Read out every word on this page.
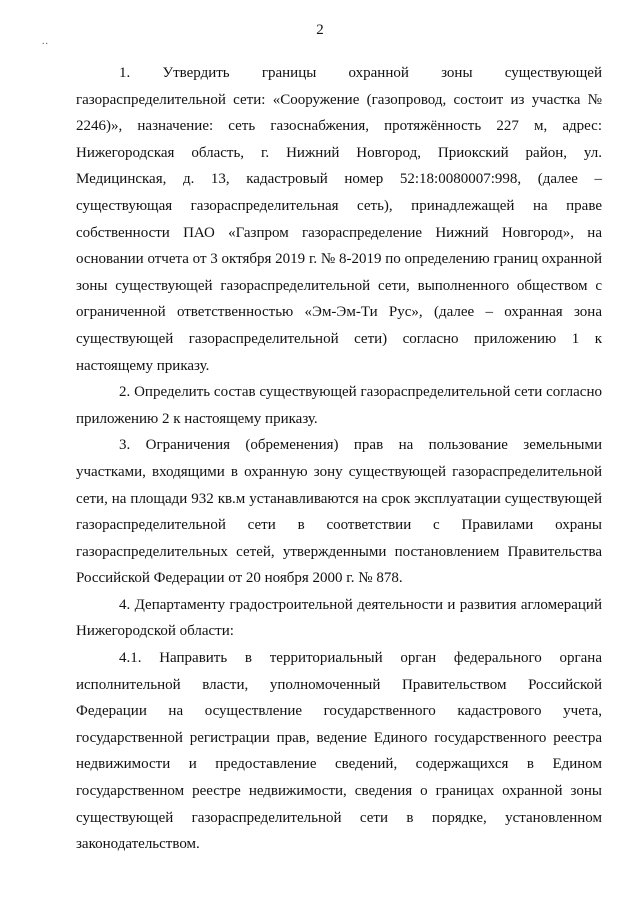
..
2

1. Утвердить границы охранной зоны существующей газораспределительной сети: «Сооружение (газопровод, состоит из участка № 2246)», назначение: сеть газоснабжения, протяжённость 227 м, адрес: Нижегородская область, г. Нижний Новгород, Приокский район, ул. Медицинская, д. 13, кадастровый номер 52:18:0080007:998, (далее – существующая газораспределительная сеть), принадлежащей на праве собственности ПАО «Газпром газораспределение Нижний Новгород», на основании отчета от 3 октября 2019 г. № 8-2019 по определению границ охранной зоны существующей газораспределительной сети, выполненного обществом с ограниченной ответственностью «Эм-Эм-Ти Рус», (далее – охранная зона существующей газораспределительной сети) согласно приложению 1 к настоящему приказу.

2. Определить состав существующей газораспределительной сети согласно приложению 2 к настоящему приказу.

3. Ограничения (обременения) прав на пользование земельными участками, входящими в охранную зону существующей газораспределительной сети, на площади 932 кв.м устанавливаются на срок эксплуатации существующей газораспределительной сети в соответствии с Правилами охраны газораспределительных сетей, утвержденными постановлением Правительства Российской Федерации от 20 ноября 2000 г. № 878.

4. Департаменту градостроительной деятельности и развития агломераций Нижегородской области:

4.1. Направить в территориальный орган федерального органа исполнительной власти, уполномоченный Правительством Российской Федерации на осуществление государственного кадастрового учета, государственной регистрации прав, ведение Единого государственного реестра недвижимости и предоставление сведений, содержащихся в Едином государственном реестре недвижимости, сведения о границах охранной зоны существующей газораспределительной сети в порядке, установленном законодательством.
